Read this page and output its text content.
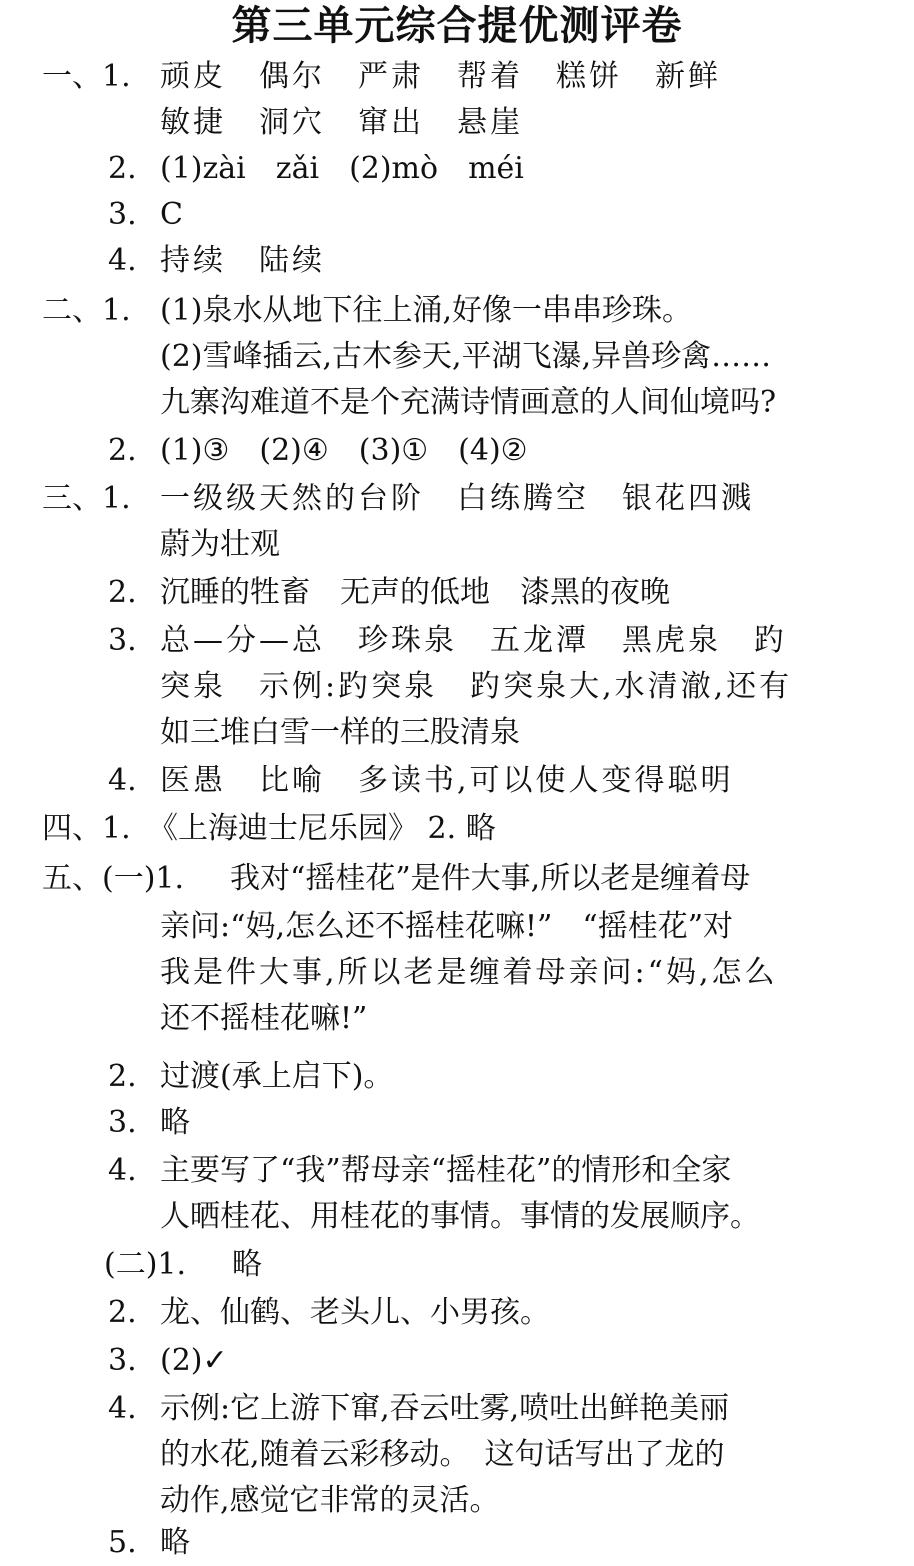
第三单元综合提优测评卷
一、1. 顽皮　偶尔　严肃　帮着　糕饼　新鲜
敏捷　洞穴　窜出　悬崖
2. (1)zài　zǎi　(2)mò　méi
3. C
4. 持续　陆续
二、1. (1)泉水从地下往上涌,好像一串串珍珠。
(2)雪峰插云,古木参天,平湖飞瀑,异兽珍禽……
九寨沟难道不是个充满诗情画意的人间仙境吗?
2. (1)③　(2)④　(3)①　(4)②
三、1. 一级级天然的台阶　白练腾空　银花四溅
蔚为壮观
2. 沉睡的牲畜　无声的低地　漆黑的夜晚
3. 总—分—总　珍珠泉　五龙潭　黑虎泉　趵
突泉　示例:趵突泉　趵突泉大,水清澈,还有
如三堆白雪一样的三股清泉
4. 医愚　比喻　多读书,可以使人变得聪明
四、1. 《上海迪士尼乐园》 2. 略
五、(一)1. 我对“摇桂花”是件大事,所以老是缠着母
亲问:“妈,怎么还不摇桂花嘛!”　“摇桂花”对
我是件大事,所以老是缠着母亲问:“妈,怎么
还不摇桂花嘛!”
2. 过渡(承上启下)。
3. 略
4. 主要写了“我”帮母亲“摇桂花”的情形和全家
人晒桂花、用桂花的事情。事情的发展顺序。
(二)1. 略
2. 龙、仙鹤、老头儿、小男孩。
3. (2)✓
4. 示例:它上游下窜,吞云吐雾,喷吐出鲜艳美丽
的水花,随着云彩移动。　这句话写出了龙的
动作,感觉它非常的灵活。
5. 略
